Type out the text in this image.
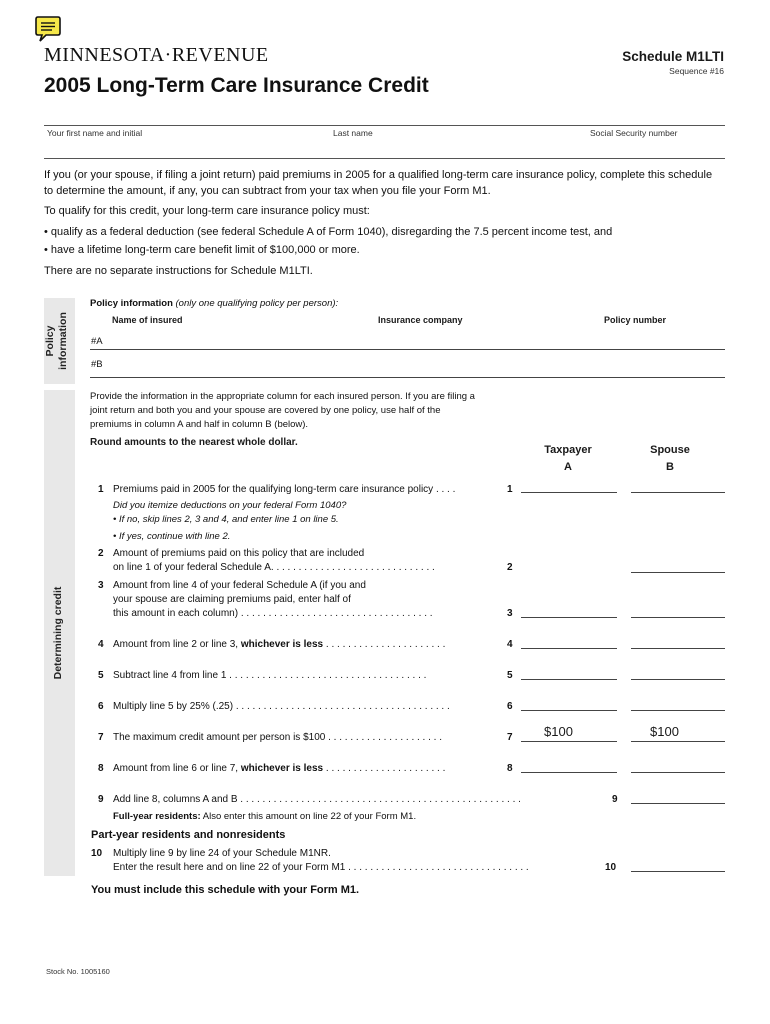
MINNESOTA·REVENUE
2005 Long-Term Care Insurance Credit
Schedule M1LTI
Sequence #16
Your first name and initial	Last name	Social Security number
If you (or your spouse, if filing a joint return) paid premiums in 2005 for a qualified long-term care insurance policy, complete this schedule to determine the amount, if any, you can subtract from your tax when you file your Form M1.
To qualify for this credit, your long-term care insurance policy must:
• qualify as a federal deduction (see federal Schedule A of Form 1040), disregarding the 7.5 percent income test, and
• have a lifetime long-term care benefit limit of $100,000 or more.
There are no separate instructions for Schedule M1LTI.
Policy information
Policy information (only one qualifying policy per person):
Name of insured	Insurance company	Policy number
#A
#B
Determining credit
Provide the information in the appropriate column for each insured person. If you are filing a joint return and both you and your spouse are covered by one policy, use half of the premiums in column A and half in column B (below).
Round amounts to the nearest whole dollar.
Taxpayer
A
Spouse
B
1 Premiums paid in 2005 for the qualifying long-term care insurance policy . . . .	1
Did you itemize deductions on your federal Form 1040?
• If no, skip lines 2, 3 and 4, and enter line 1 on line 5.
• If yes, continue with line 2.
2 Amount of premiums paid on this policy that are included
on line 1 of your federal Schedule A. . . . . . . . . . . . . . . . . . . . . . . . . . . . . .	2
3 Amount from line 4 of your federal Schedule A (if you and
your spouse are claiming premiums paid, enter half of
this amount in each column) . . . . . . . . . . . . . . . . . . . . . . . . . . . . . . . . . . .	3
4 Amount from line 2 or line 3, whichever is less . . . . . . . . . . . . . . . . . . . . . .	4
5 Subtract line 4 from line 1 . . . . . . . . . . . . . . . . . . . . . . . . . . . . . . . . . . . .	5
6 Multiply line 5 by 25% (.25) . . . . . . . . . . . . . . . . . . . . . . . . . . . . . . . . . . . . . . .	6
7 The maximum credit amount per person is $100 . . . . . . . . . . . . . . . . . . . . .	7 $100	$100
8 Amount from line 6 or line 7, whichever is less . . . . . . . . . . . . . . . . . . . . . .	8
9 Add line 8, columns A and B . . . . . . . . . . . . . . . . . . . . . . . . . . . . . . . . . . . . . . . . . . . . . . . . . . .	9
Full-year residents: Also enter this amount on line 22 of your Form M1.
Part-year residents and nonresidents
10 Multiply line 9 by line 24 of your Schedule M1NR.
Enter the result here and on line 22 of your Form M1 . . . . . . . . . . . . . . . . . . . . . . . . . . . . . . . . .	10
You must include this schedule with your Form M1.
Stock No. 1005160
